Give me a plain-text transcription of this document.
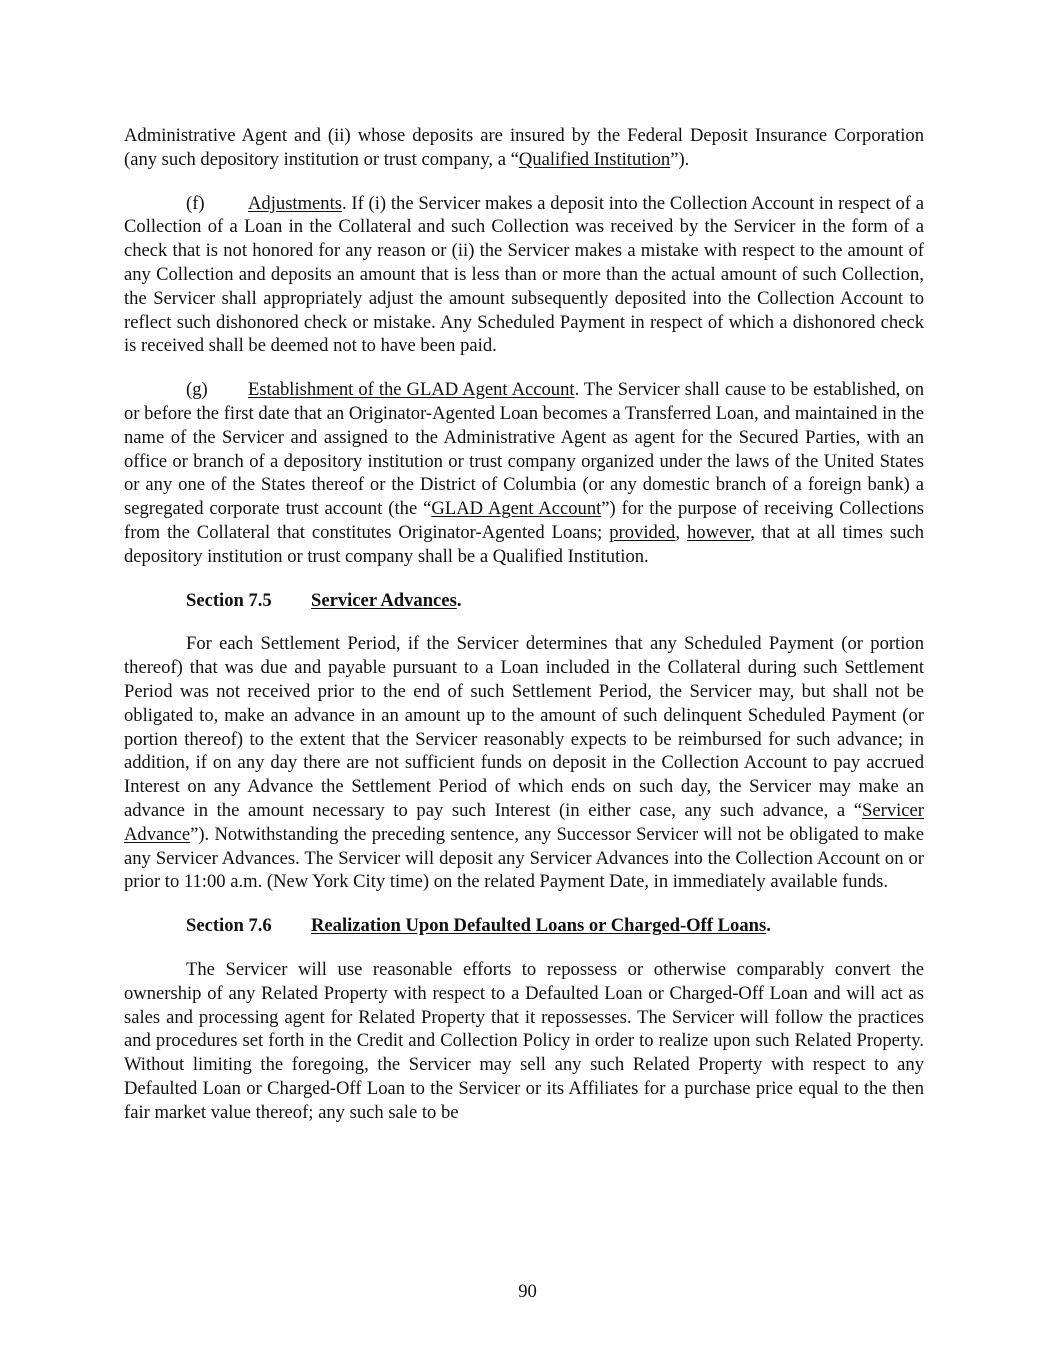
Administrative Agent and (ii) whose deposits are insured by the Federal Deposit Insurance Corporation (any such depository institution or trust company, a “Qualified Institution”).

(f) Adjustments. If (i) the Servicer makes a deposit into the Collection Account in respect of a Collection of a Loan in the Collateral and such Collection was received by the Servicer in the form of a check that is not honored for any reason or (ii) the Servicer makes a mistake with respect to the amount of any Collection and deposits an amount that is less than or more than the actual amount of such Collection, the Servicer shall appropriately adjust the amount subsequently deposited into the Collection Account to reflect such dishonored check or mistake. Any Scheduled Payment in respect of which a dishonored check is received shall be deemed not to have been paid.

(g) Establishment of the GLAD Agent Account. The Servicer shall cause to be established, on or before the first date that an Originator-Agented Loan becomes a Transferred Loan, and maintained in the name of the Servicer and assigned to the Administrative Agent as agent for the Secured Parties, with an office or branch of a depository institution or trust company organized under the laws of the United States or any one of the States thereof or the District of Columbia (or any domestic branch of a foreign bank) a segregated corporate trust account (the “GLAD Agent Account”) for the purpose of receiving Collections from the Collateral that constitutes Originator-Agented Loans; provided, however, that at all times such depository institution or trust company shall be a Qualified Institution.

Section 7.5 Servicer Advances.

For each Settlement Period, if the Servicer determines that any Scheduled Payment (or portion thereof) that was due and payable pursuant to a Loan included in the Collateral during such Settlement Period was not received prior to the end of such Settlement Period, the Servicer may, but shall not be obligated to, make an advance in an amount up to the amount of such delinquent Scheduled Payment (or portion thereof) to the extent that the Servicer reasonably expects to be reimbursed for such advance; in addition, if on any day there are not sufficient funds on deposit in the Collection Account to pay accrued Interest on any Advance the Settlement Period of which ends on such day, the Servicer may make an advance in the amount necessary to pay such Interest (in either case, any such advance, a “Servicer Advance”). Notwithstanding the preceding sentence, any Successor Servicer will not be obligated to make any Servicer Advances. The Servicer will deposit any Servicer Advances into the Collection Account on or prior to 11:00 a.m. (New York City time) on the related Payment Date, in immediately available funds.

Section 7.6 Realization Upon Defaulted Loans or Charged-Off Loans.

The Servicer will use reasonable efforts to repossess or otherwise comparably convert the ownership of any Related Property with respect to a Defaulted Loan or Charged-Off Loan and will act as sales and processing agent for Related Property that it repossesses. The Servicer will follow the practices and procedures set forth in the Credit and Collection Policy in order to realize upon such Related Property. Without limiting the foregoing, the Servicer may sell any such Related Property with respect to any Defaulted Loan or Charged-Off Loan to the Servicer or its Affiliates for a purchase price equal to the then fair market value thereof; any such sale to be

90
